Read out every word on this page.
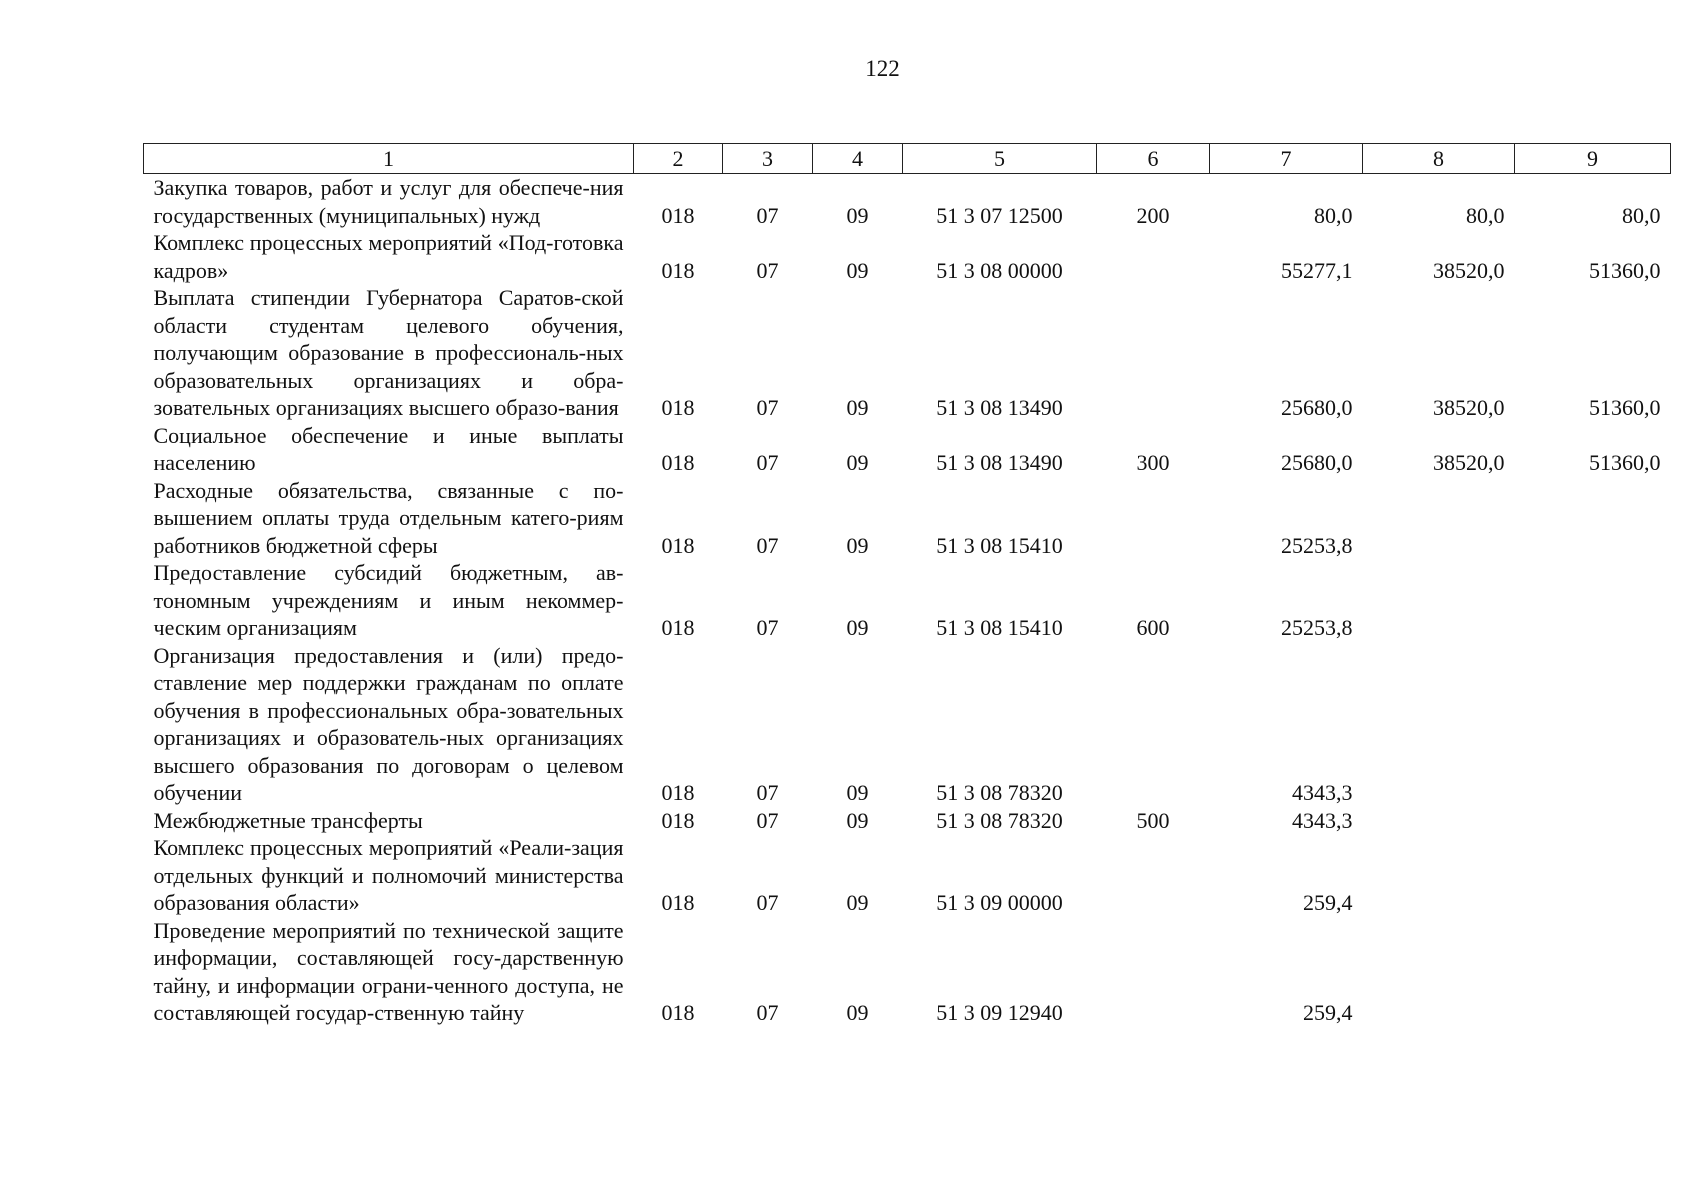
122
1	2	3	4	5	6	7	8	9
Закупка товаров, работ и услуг для обеспече-ния государственных (муниципальных) нужд	018	07	09	51 3 07 12500	200	80,0	80,0	80,0
Комплекс процессных мероприятий «Под-готовка кадров»	018	07	09	51 3 08 00000		55277,1	38520,0	51360,0
Выплата стипендии Губернатора Саратов-ской области студентам целевого обучения, получающим образование в профессиональ-ных образовательных организациях и обра-зовательных организациях высшего образо-вания	018	07	09	51 3 08 13490		25680,0	38520,0	51360,0
Социальное обеспечение и иные выплаты населению	018	07	09	51 3 08 13490	300	25680,0	38520,0	51360,0
Расходные обязательства, связанные с по-вышением оплаты труда отдельным катего-риям работников бюджетной сферы	018	07	09	51 3 08 15410		25253,8		
Предоставление субсидий бюджетным, ав-тономным учреждениям и иным некоммер-ческим организациям	018	07	09	51 3 08 15410	600	25253,8		
Организация предоставления и (или) предо-ставление мер поддержки гражданам по оплате обучения в профессиональных обра-зовательных организациях и образователь-ных организациях высшего образования по договорам о целевом обучении	018	07	09	51 3 08 78320		4343,3		
Межбюджетные трансферты	018	07	09	51 3 08 78320	500	4343,3		
Комплекс процессных мероприятий «Реали-зация отдельных функций и полномочий министерства образования области»	018	07	09	51 3 09 00000		259,4		
Проведение мероприятий по технической защите информации, составляющей госу-дарственную тайну, и информации ограни-ченного доступа, не составляющей государ-ственную тайну	018	07	09	51 3 09 12940		259,4		
